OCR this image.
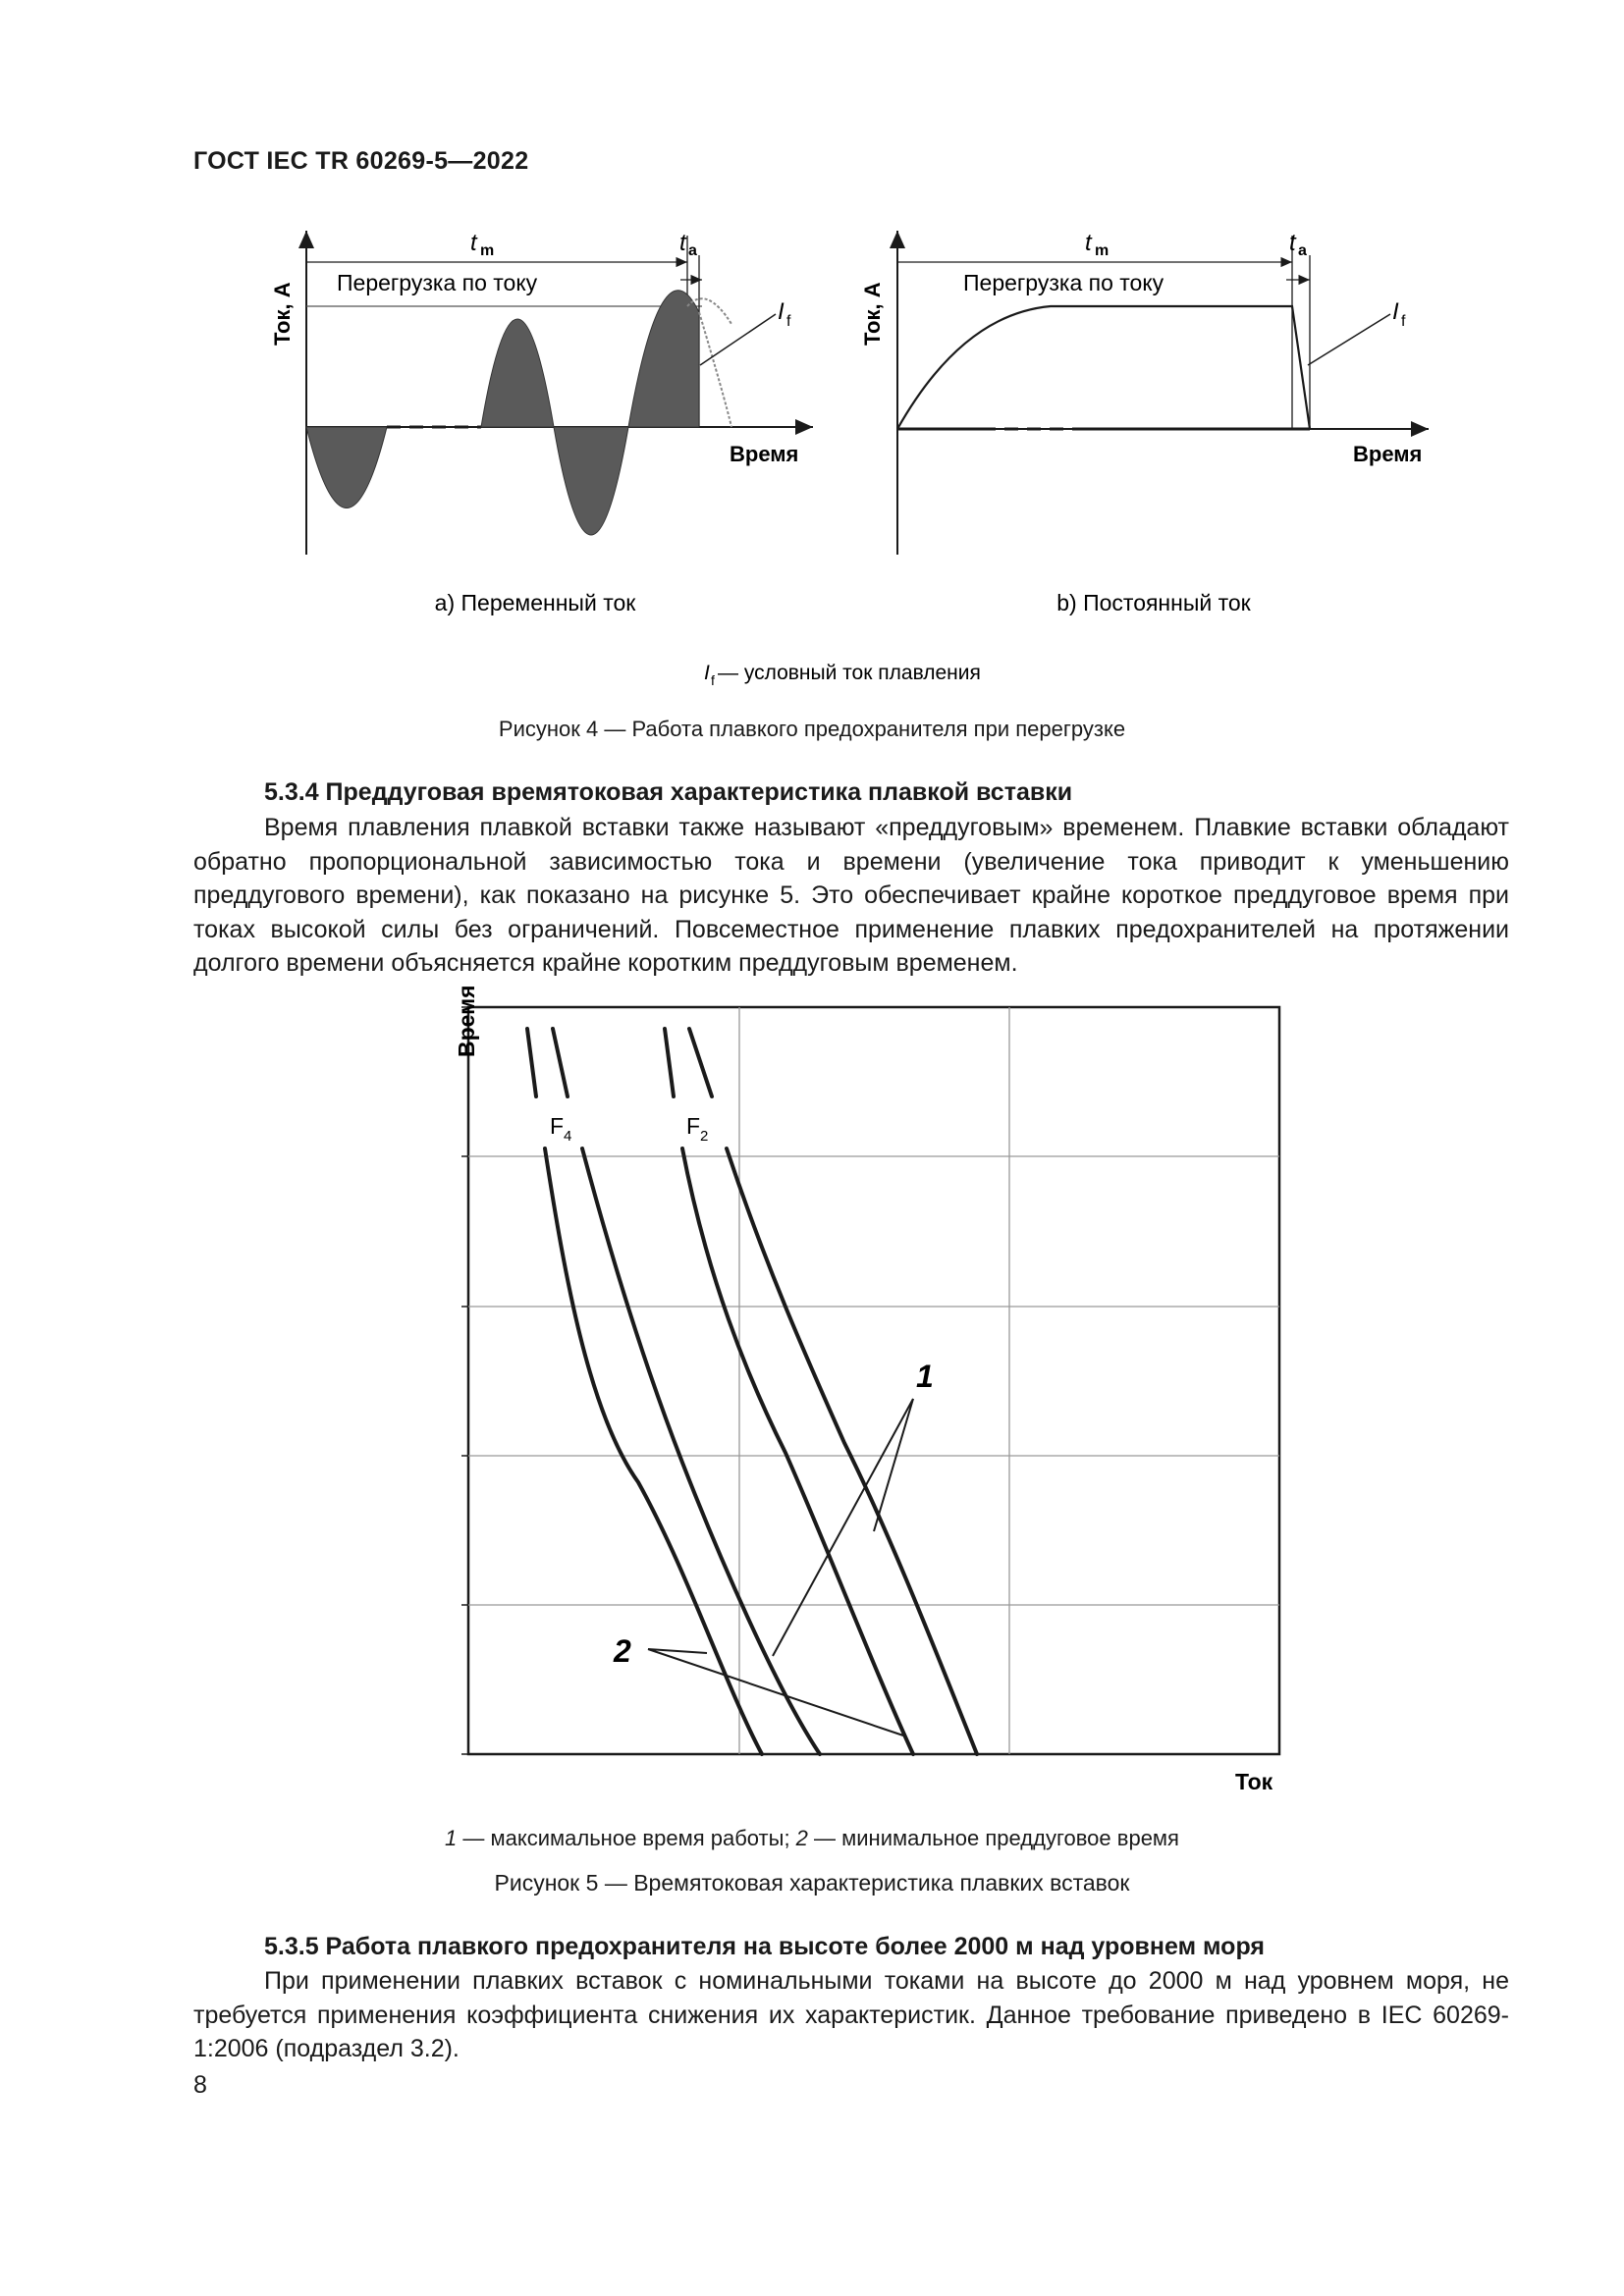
ГОСТ IEC TR 60269-5—2022
Ток, А Перегрузка по току
Время
t m	t a
I f
a) Переменный ток
Ток, А	Перегрузка по току
Время
t m	t a
I f
b) Постоянный ток
I f — условный ток плавления
Рисунок 4 — Работа плавкого предохранителя при перегрузке
5.3.4 Преддуговая времятоковая характеристика плавкой вставки

Время плавления плавкой вставки также называют «преддуговым» временем. Плавкие вставки обладают обратно пропорциональной зависимостью тока и времени (увеличение тока приводит к уменьшению преддугового времени), как показано на рисунке 5. Это обеспечивает крайне короткое преддуговое время при токах высокой силы без ограничений. Повсеместное применение плавких предохранителей на протяжении долгого времени объясняется крайне коротким преддуговым временем.

Время
Ток
F 4	F 2
1
2
1 — максимальное время работы; 2 — минимальное преддуговое время
Рисунок 5 — Времятоковая характеристика плавких вставок
5.3.5 Работа плавкого предохранителя на высоте более 2000 м над уровнем моря

При применении плавких вставок с номинальными токами на высоте до 2000 м над уровнем моря, не требуется применения коэффициента снижения их характеристик. Данное требование приведено в IEC 60269-1:2006 (подраздел 3.2).

8
